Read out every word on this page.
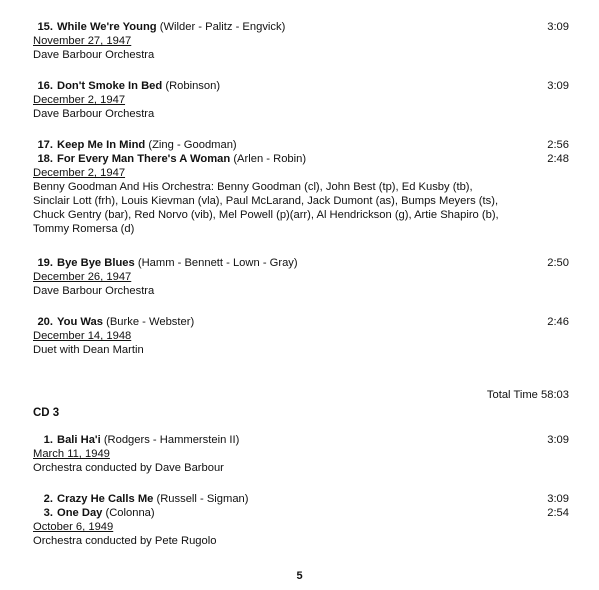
15. While We're Young (Wilder - Palitz - Engvick)	3:09
November 27, 1947
Dave Barbour Orchestra
16. Don't Smoke In Bed (Robinson)	3:09
December 2, 1947
Dave Barbour Orchestra
17. Keep Me In Mind (Zing - Goodman)	2:56
18. For Every Man There's A Woman (Arlen - Robin)	2:48
December 2, 1947
Benny Goodman And His Orchestra: Benny Goodman (cl), John Best (tp), Ed Kusby (tb),
Sinclair Lott (frh), Louis Kievman (vla), Paul McLarand, Jack Dumont (as), Bumps Meyers (ts),
Chuck Gentry (bar), Red Norvo (vib), Mel Powell (p)(arr), Al Hendrickson (g), Artie Shapiro (b),
Tommy Romersa (d)
19. Bye Bye Blues (Hamm - Bennett - Lown - Gray)	2:50
December 26, 1947
Dave Barbour Orchestra
20. You Was (Burke - Webster)	2:46
December 14, 1948
Duet with Dean Martin
Total Time 58:03
CD 3
1. Bali Ha'i (Rodgers - Hammerstein II)	3:09
March 11, 1949
Orchestra conducted by Dave Barbour
2. Crazy He Calls Me (Russell - Sigman)	3:09
3. One Day (Colonna)	2:54
October 6, 1949
Orchestra conducted by Pete Rugolo
5
